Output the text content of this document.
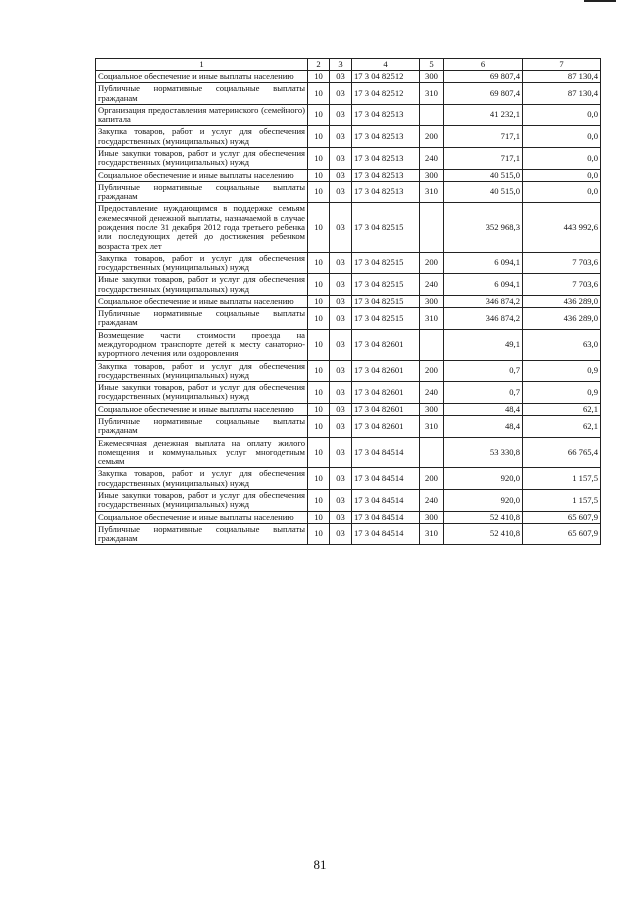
1	2	3	4	5	6	7
Социальное обеспечение и иные выплаты населению	10	03	17 3 04 82512	300	69 807,4	87 130,4
Публичные нормативные социальные выплаты гражданам	10	03	17 3 04 82512	310	69 807,4	87 130,4
Организация предоставления материнского (семейного) капитала	10	03	17 3 04 82513		41 232,1	0,0
Закупка товаров, работ и услуг для обеспечения государственных (муниципальных) нужд	10	03	17 3 04 82513	200	717,1	0,0
Иные закупки товаров, работ и услуг для обеспечения государственных (муниципальных) нужд	10	03	17 3 04 82513	240	717,1	0,0
Социальное обеспечение и иные выплаты населению	10	03	17 3 04 82513	300	40 515,0	0,0
Публичные нормативные социальные выплаты гражданам	10	03	17 3 04 82513	310	40 515,0	0,0
Предоставление нуждающимся в поддержке семьям ежемесячной денежной выплаты, назначаемой в случае рождения после 31 декабря 2012 года третьего ребенка или последующих детей до достижения ребенком возраста трех лет	10	03	17 3 04 82515		352 968,3	443 992,6
Закупка товаров, работ и услуг для обеспечения государственных (муниципальных) нужд	10	03	17 3 04 82515	200	6 094,1	7 703,6
Иные закупки товаров, работ и услуг для обеспечения государственных (муниципальных) нужд	10	03	17 3 04 82515	240	6 094,1	7 703,6
Социальное обеспечение и иные выплаты населению	10	03	17 3 04 82515	300	346 874,2	436 289,0
Публичные нормативные социальные выплаты гражданам	10	03	17 3 04 82515	310	346 874,2	436 289,0
Возмещение части стоимости проезда на междугородном транспорте детей к месту санаторно-курортного лечения или оздоровления	10	03	17 3 04 82601		49,1	63,0
Закупка товаров, работ и услуг для обеспечения государственных (муниципальных) нужд	10	03	17 3 04 82601	200	0,7	0,9
Иные закупки товаров, работ и услуг для обеспечения государственных (муниципальных) нужд	10	03	17 3 04 82601	240	0,7	0,9
Социальное обеспечение и иные выплаты населению	10	03	17 3 04 82601	300	48,4	62,1
Публичные нормативные социальные выплаты гражданам	10	03	17 3 04 82601	310	48,4	62,1
Ежемесячная денежная выплата на оплату жилого помещения и коммунальных услуг многодетным семьям	10	03	17 3 04 84514		53 330,8	66 765,4
Закупка товаров, работ и услуг для обеспечения государственных (муниципальных) нужд	10	03	17 3 04 84514	200	920,0	1 157,5
Иные закупки товаров, работ и услуг для обеспечения государственных (муниципальных) нужд	10	03	17 3 04 84514	240	920,0	1 157,5
Социальное обеспечение и иные выплаты населению	10	03	17 3 04 84514	300	52 410,8	65 607,9
Публичные нормативные социальные выплаты гражданам	10	03	17 3 04 84514	310	52 410,8	65 607,9
81
